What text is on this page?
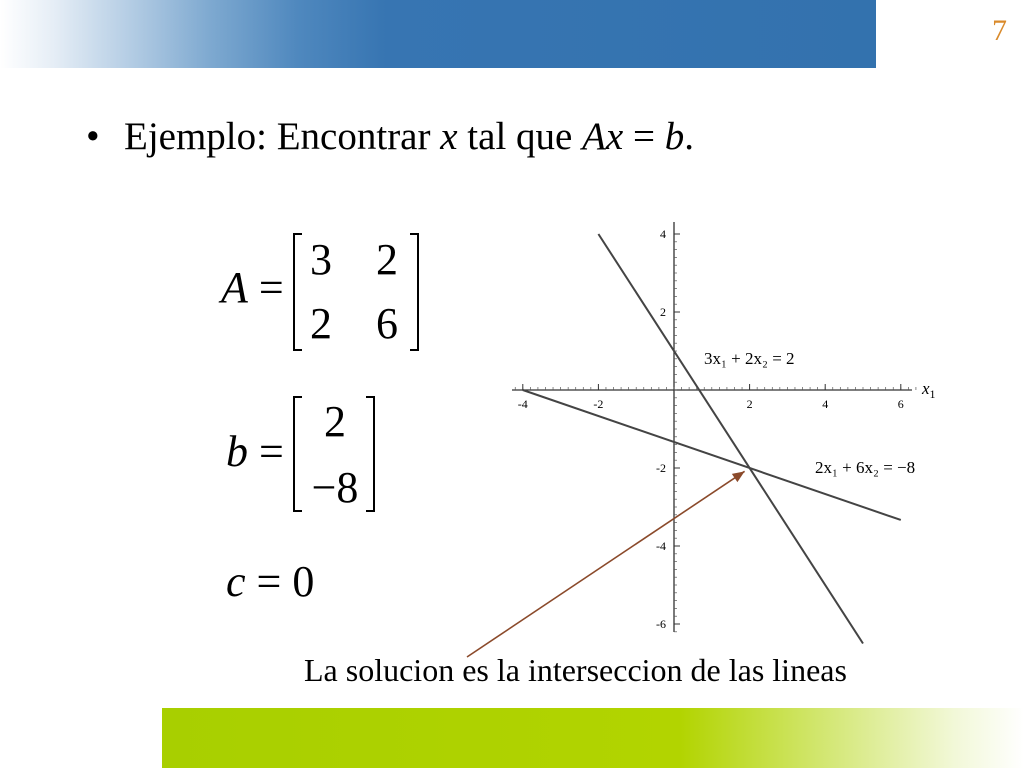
7
• Ejemplo: Encontrar x tal que Ax = b.
A =
3 2
2 6
b =
2
−8
c = 0
-4	-2	2	4	6
4
2
-2
-4
-6
$x_1$
3x₁ + 2x₂ = 2
2x₁ + 6x₂ = −8
La solucion es la interseccion de las lineas
